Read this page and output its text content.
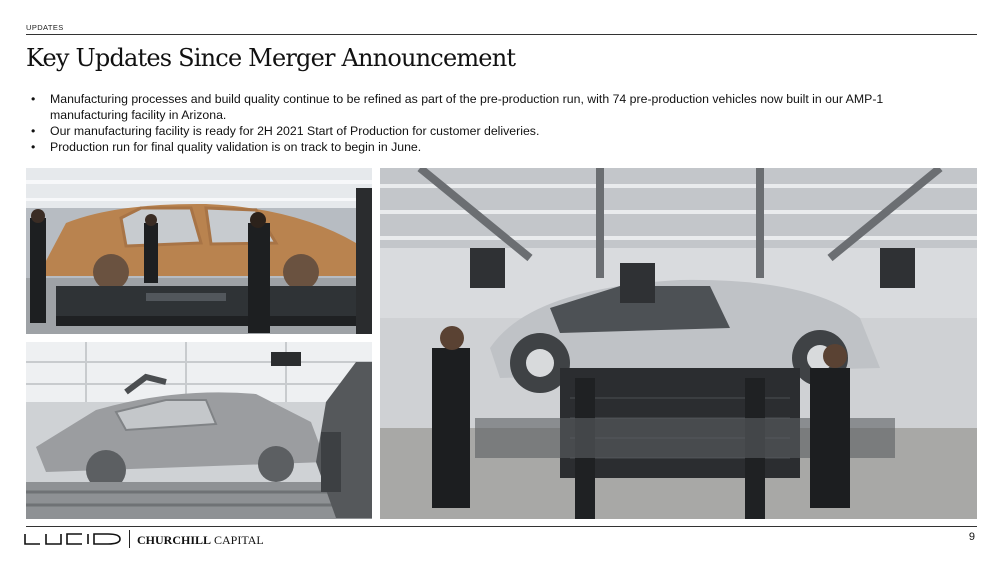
UPDATES
Key Updates Since Merger Announcement
• Manufacturing processes and build quality continue to be refined as part of the pre-production run, with 74 pre-production vehicles now built in our AMP-1 manufacturing facility in Arizona.
• Our manufacturing facility is ready for 2H 2021 Start of Production for customer deliveries.
• Production run for final quality validation is on track to begin in June.
CHURCHILL CAPITAL	9
